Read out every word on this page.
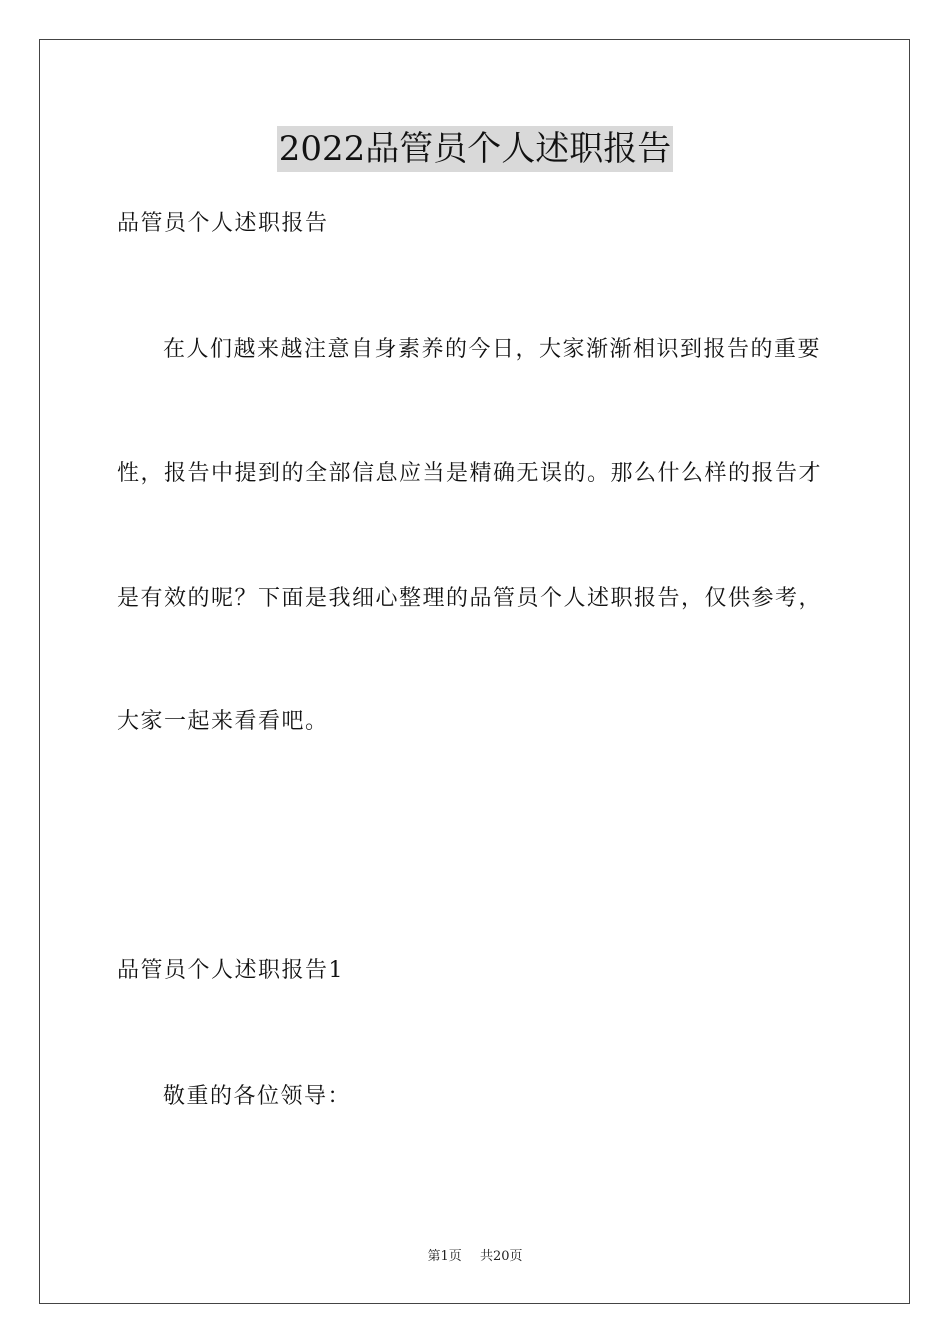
2022品管员个人述职报告
品管员个人述职报告
在人们越来越注意自身素养的今日，大家渐渐相识到报告的重要
性，报告中提到的全部信息应当是精确无误的。那么什么样的报告才
是有效的呢？下面是我细心整理的品管员个人述职报告，仅供参考，
大家一起来看看吧。
品管员个人述职报告1
敬重的各位领导：
第1页 共20页
